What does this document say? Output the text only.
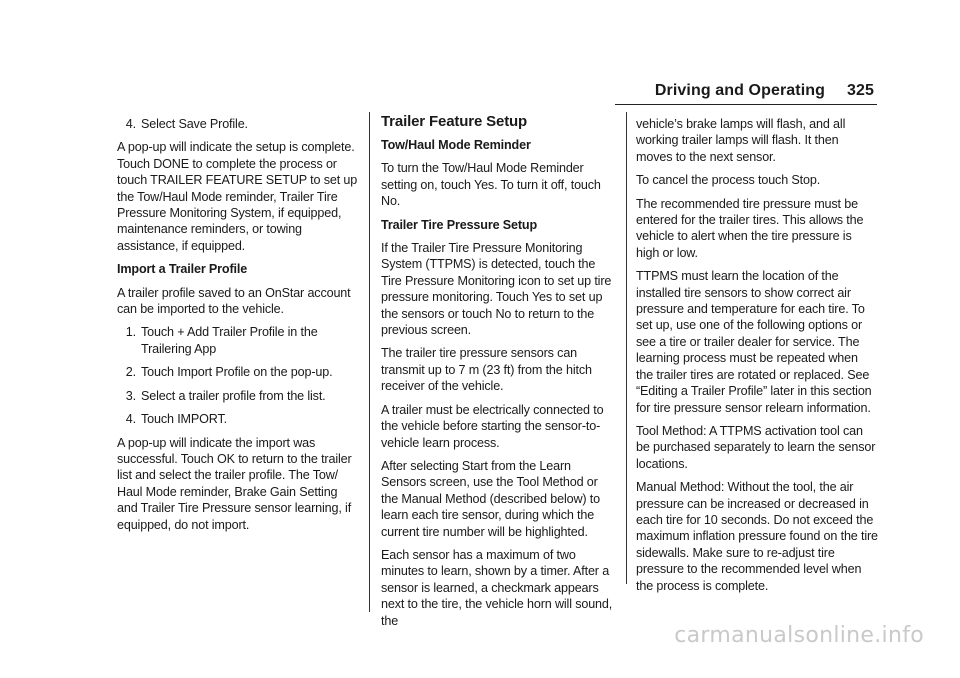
Driving and Operating 325
4. Select Save Profile.

A pop-up will indicate the setup is complete. Touch DONE to complete the process or touch TRAILER FEATURE SETUP to set up the Tow/Haul Mode reminder, Trailer Tire Pressure Monitoring System, if equipped, maintenance reminders, or towing assistance, if equipped.

Import a Trailer Profile

A trailer profile saved to an OnStar account can be imported to the vehicle.

1. Touch + Add Trailer Profile in the Trailering App
2. Touch Import Profile on the pop-up.
3. Select a trailer profile from the list.
4. Touch IMPORT.

A pop-up will indicate the import was successful. Touch OK to return to the trailer list and select the trailer profile. The Tow/ Haul Mode reminder, Brake Gain Setting and Trailer Tire Pressure sensor learning, if equipped, do not import.

Trailer Feature Setup

Tow/Haul Mode Reminder

To turn the Tow/Haul Mode Reminder setting on, touch Yes. To turn it off, touch No.

Trailer Tire Pressure Setup

If the Trailer Tire Pressure Monitoring System (TTPMS) is detected, touch the Tire Pressure Monitoring icon to set up tire pressure monitoring. Touch Yes to set up the sensors or touch No to return to the previous screen.

The trailer tire pressure sensors can transmit up to 7 m (23 ft) from the hitch receiver of the vehicle.

A trailer must be electrically connected to the vehicle before starting the sensor-to-vehicle learn process.

After selecting Start from the Learn Sensors screen, use the Tool Method or the Manual Method (described below) to learn each tire sensor, during which the current tire number will be highlighted.

Each sensor has a maximum of two minutes to learn, shown by a timer. After a sensor is learned, a checkmark appears next to the tire, the vehicle horn will sound, the

vehicle’s brake lamps will flash, and all working trailer lamps will flash. It then moves to the next sensor.

To cancel the process touch Stop.

The recommended tire pressure must be entered for the trailer tires. This allows the vehicle to alert when the tire pressure is high or low.

TTPMS must learn the location of the installed tire sensors to show correct air pressure and temperature for each tire. To set up, use one of the following options or see a tire or trailer dealer for service. The learning process must be repeated when the trailer tires are rotated or replaced. See “Editing a Trailer Profile” later in this section for tire pressure sensor relearn information.

Tool Method: A TTPMS activation tool can be purchased separately to learn the sensor locations.

Manual Method: Without the tool, the air pressure can be increased or decreased in each tire for 10 seconds. Do not exceed the maximum inflation pressure found on the tire sidewalls. Make sure to re-adjust tire pressure to the recommended level when the process is complete.

carmanualsonline.info
